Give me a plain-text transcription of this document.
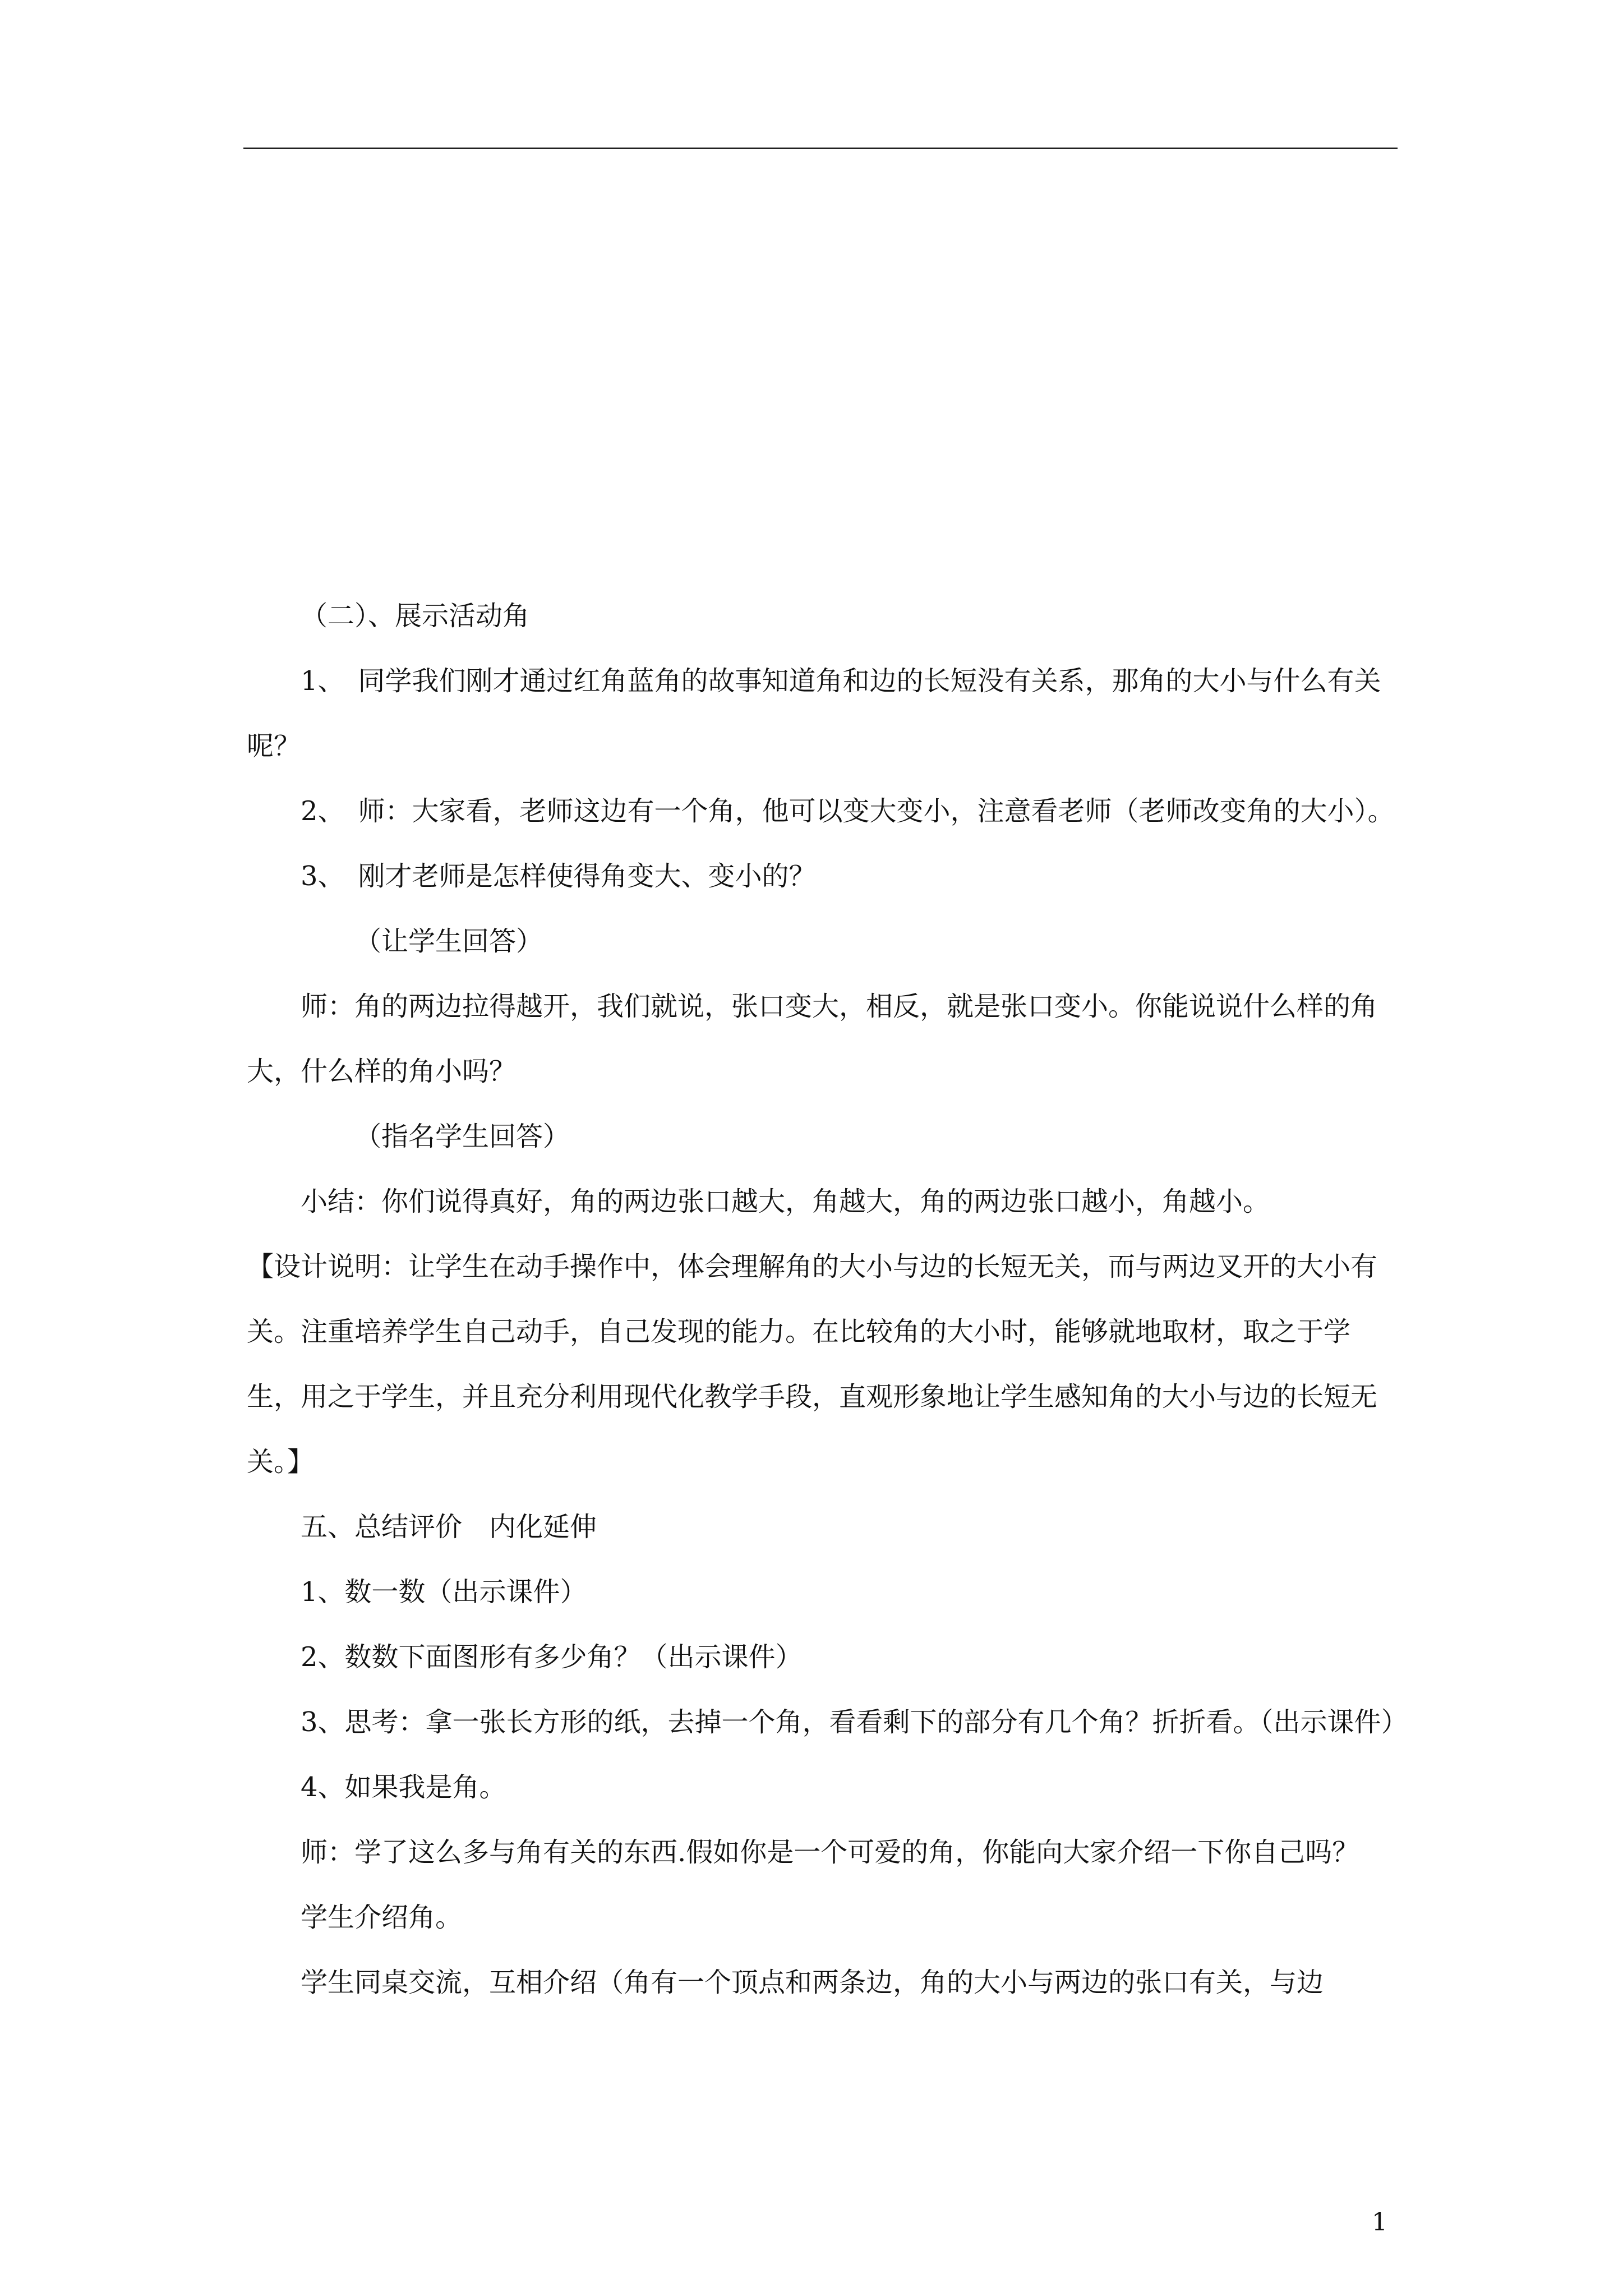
（二）、展示活动角

1、　同学我们刚才通过红角蓝角的故事知道角和边的长短没有关系，那角的大小与什么有关呢？

2、　师：大家看，老师这边有一个角，他可以变大变小，注意看老师（老师改变角的大小）。

3、　刚才老师是怎样使得角变大、变小的？

（让学生回答）

师：角的两边拉得越开，我们就说，张口变大，相反，就是张口变小。你能说说什么样的角大，什么样的角小吗？

（指名学生回答）

小结：你们说得真好，角的两边张口越大，角越大，角的两边张口越小，角越小。

【设计说明：让学生在动手操作中，体会理解角的大小与边的长短无关，而与两边叉开的大小有关。注重培养学生自己动手，自己发现的能力。在比较角的大小时，能够就地取材，取之于学生，用之于学生，并且充分利用现代化教学手段，直观形象地让学生感知角的大小与边的长短无关。】

五、总结评价　内化延伸

1、数一数（出示课件）

2、数数下面图形有多少角？（出示课件）

3、思考：拿一张长方形的纸，去掉一个角，看看剩下的部分有几个角？折折看。（出示课件）

4、如果我是角。

师：学了这么多与角有关的东西.假如你是一个可爱的角，你能向大家介绍一下你自己吗？

学生介绍角。

学生同桌交流，互相介绍（角有一个顶点和两条边，角的大小与两边的张口有关，与边

1
